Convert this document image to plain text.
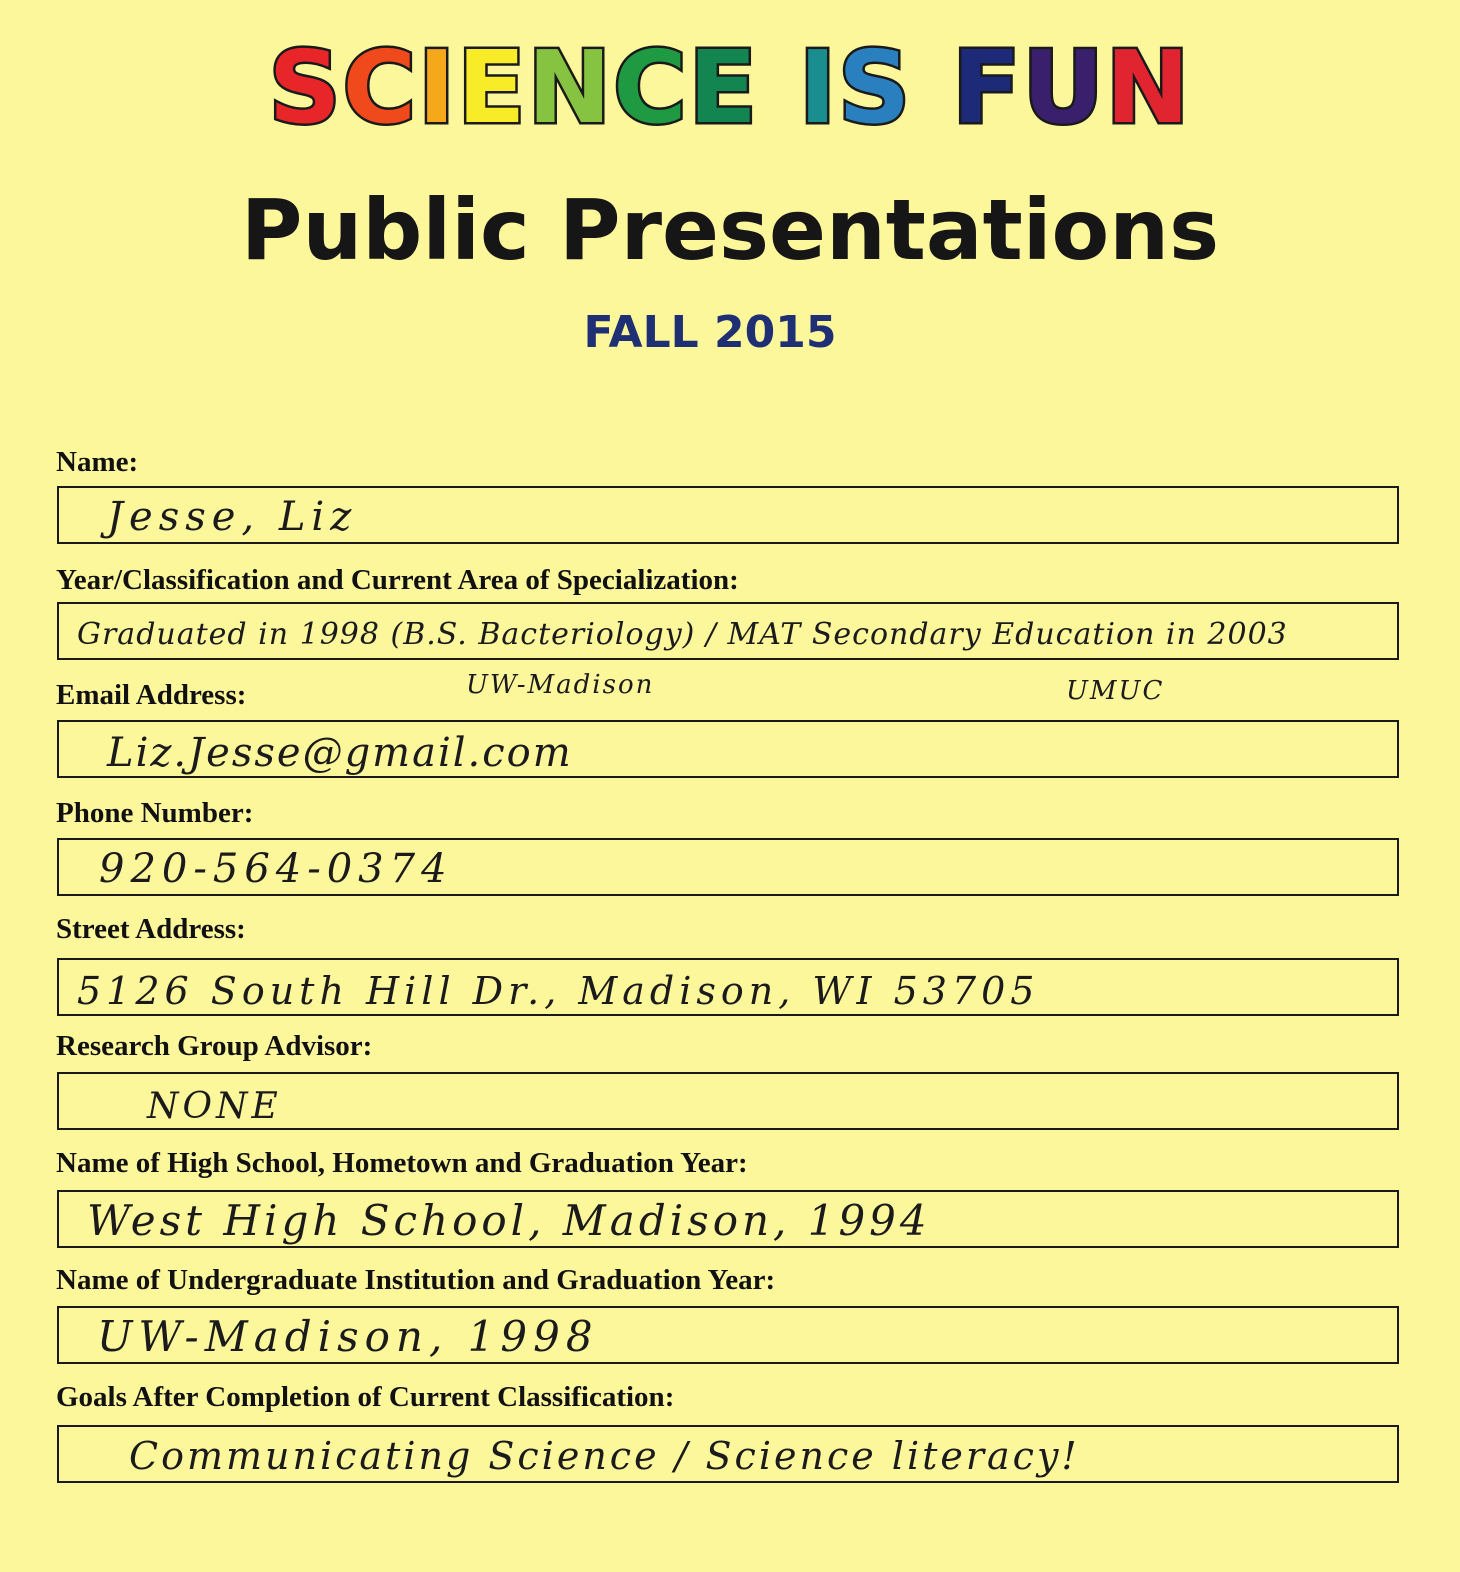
SCIENCE IS FUN
Public Presentations
FALL 2015
Name:
Jesse, Liz
Year/Classification and Current Area of Specialization:
Graduated in 1998 (B.S. Bacteriology) / MAT Secondary Education in 2003
UW-Madison	UMUC
Email Address:
Liz.Jesse@gmail.com
Phone Number:
920-564-0374
Street Address:
5126 South Hill Dr., Madison, WI 53705
Research Group Advisor:
NONE
Name of High School, Hometown and Graduation Year:
West High School, Madison, 1994
Name of Undergraduate Institution and Graduation Year:
UW-Madison, 1998
Goals After Completion of Current Classification:
Communicating Science / Science literacy!
